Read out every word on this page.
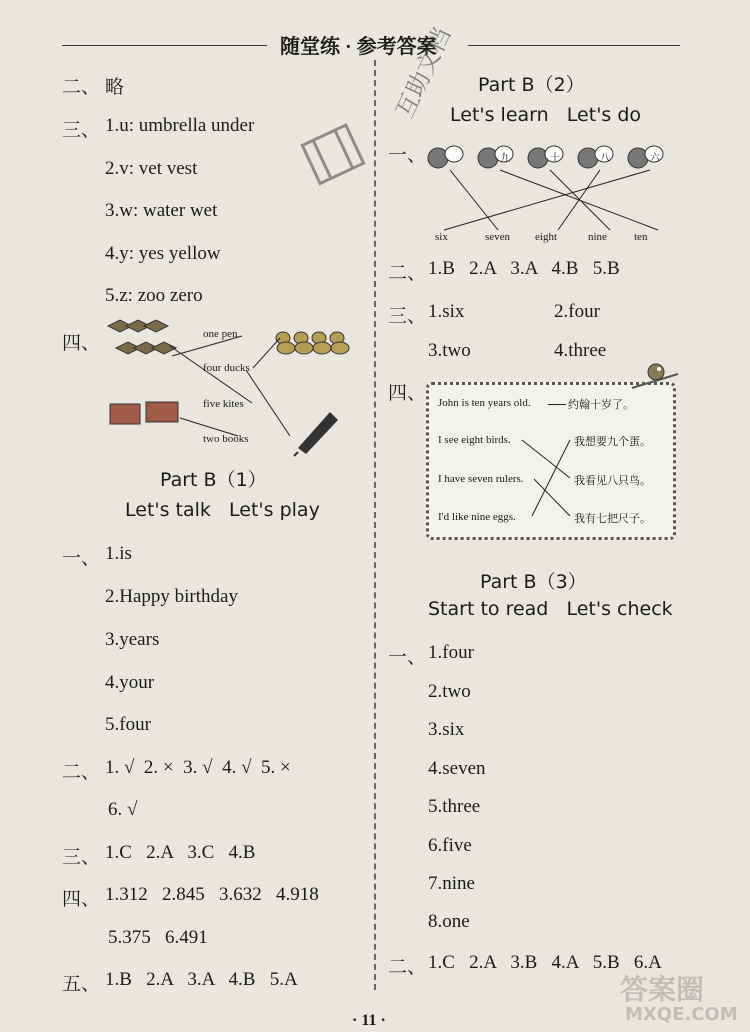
随堂练 · 参考答案
二、 略
三、 1.u: umbrella under
2.v: vet vest
3.w: water wet
4.y: yes yellow
5.z: zoo zero
四、	one pen
four ducks
five kites
two books
Part B（1）
Let's talk   Let's play
一、 1.is
2.Happy birthday
3.years
4.your
5.four
二、 1. √  2. ×  3. √  4. √  5. ×
6. √
三、 1.C   2.A   3.C   4.B
四、 1.312   2.845   3.632   4.918
5.375   6.491
五、 1.B   2.A   3.A   4.B   5.A
Part B（2）
Let's learn   Let's do
一、	九	十	八	六
six	seven eight	nine ten
互助文档
二、 1.B   2.A   3.A   4.B   5.B
三、 1.six	2.four
3.two	4.three
四、 John is ten years old.	约翰十岁了。
I see eight birds.
I have seven rulers.
I'd like nine eggs.
我想要九个蛋。
我看见八只鸟。
我有七把尺子。
Part B（3）
Start to read   Let's check
一、 1.four
2.two
3.six
4.seven
5.three
6.five
7.nine
8.one
二、 1.C   2.A   3.B   4.A   5.B   6.A
· 11 ·
答案圈
MXQE.COM
